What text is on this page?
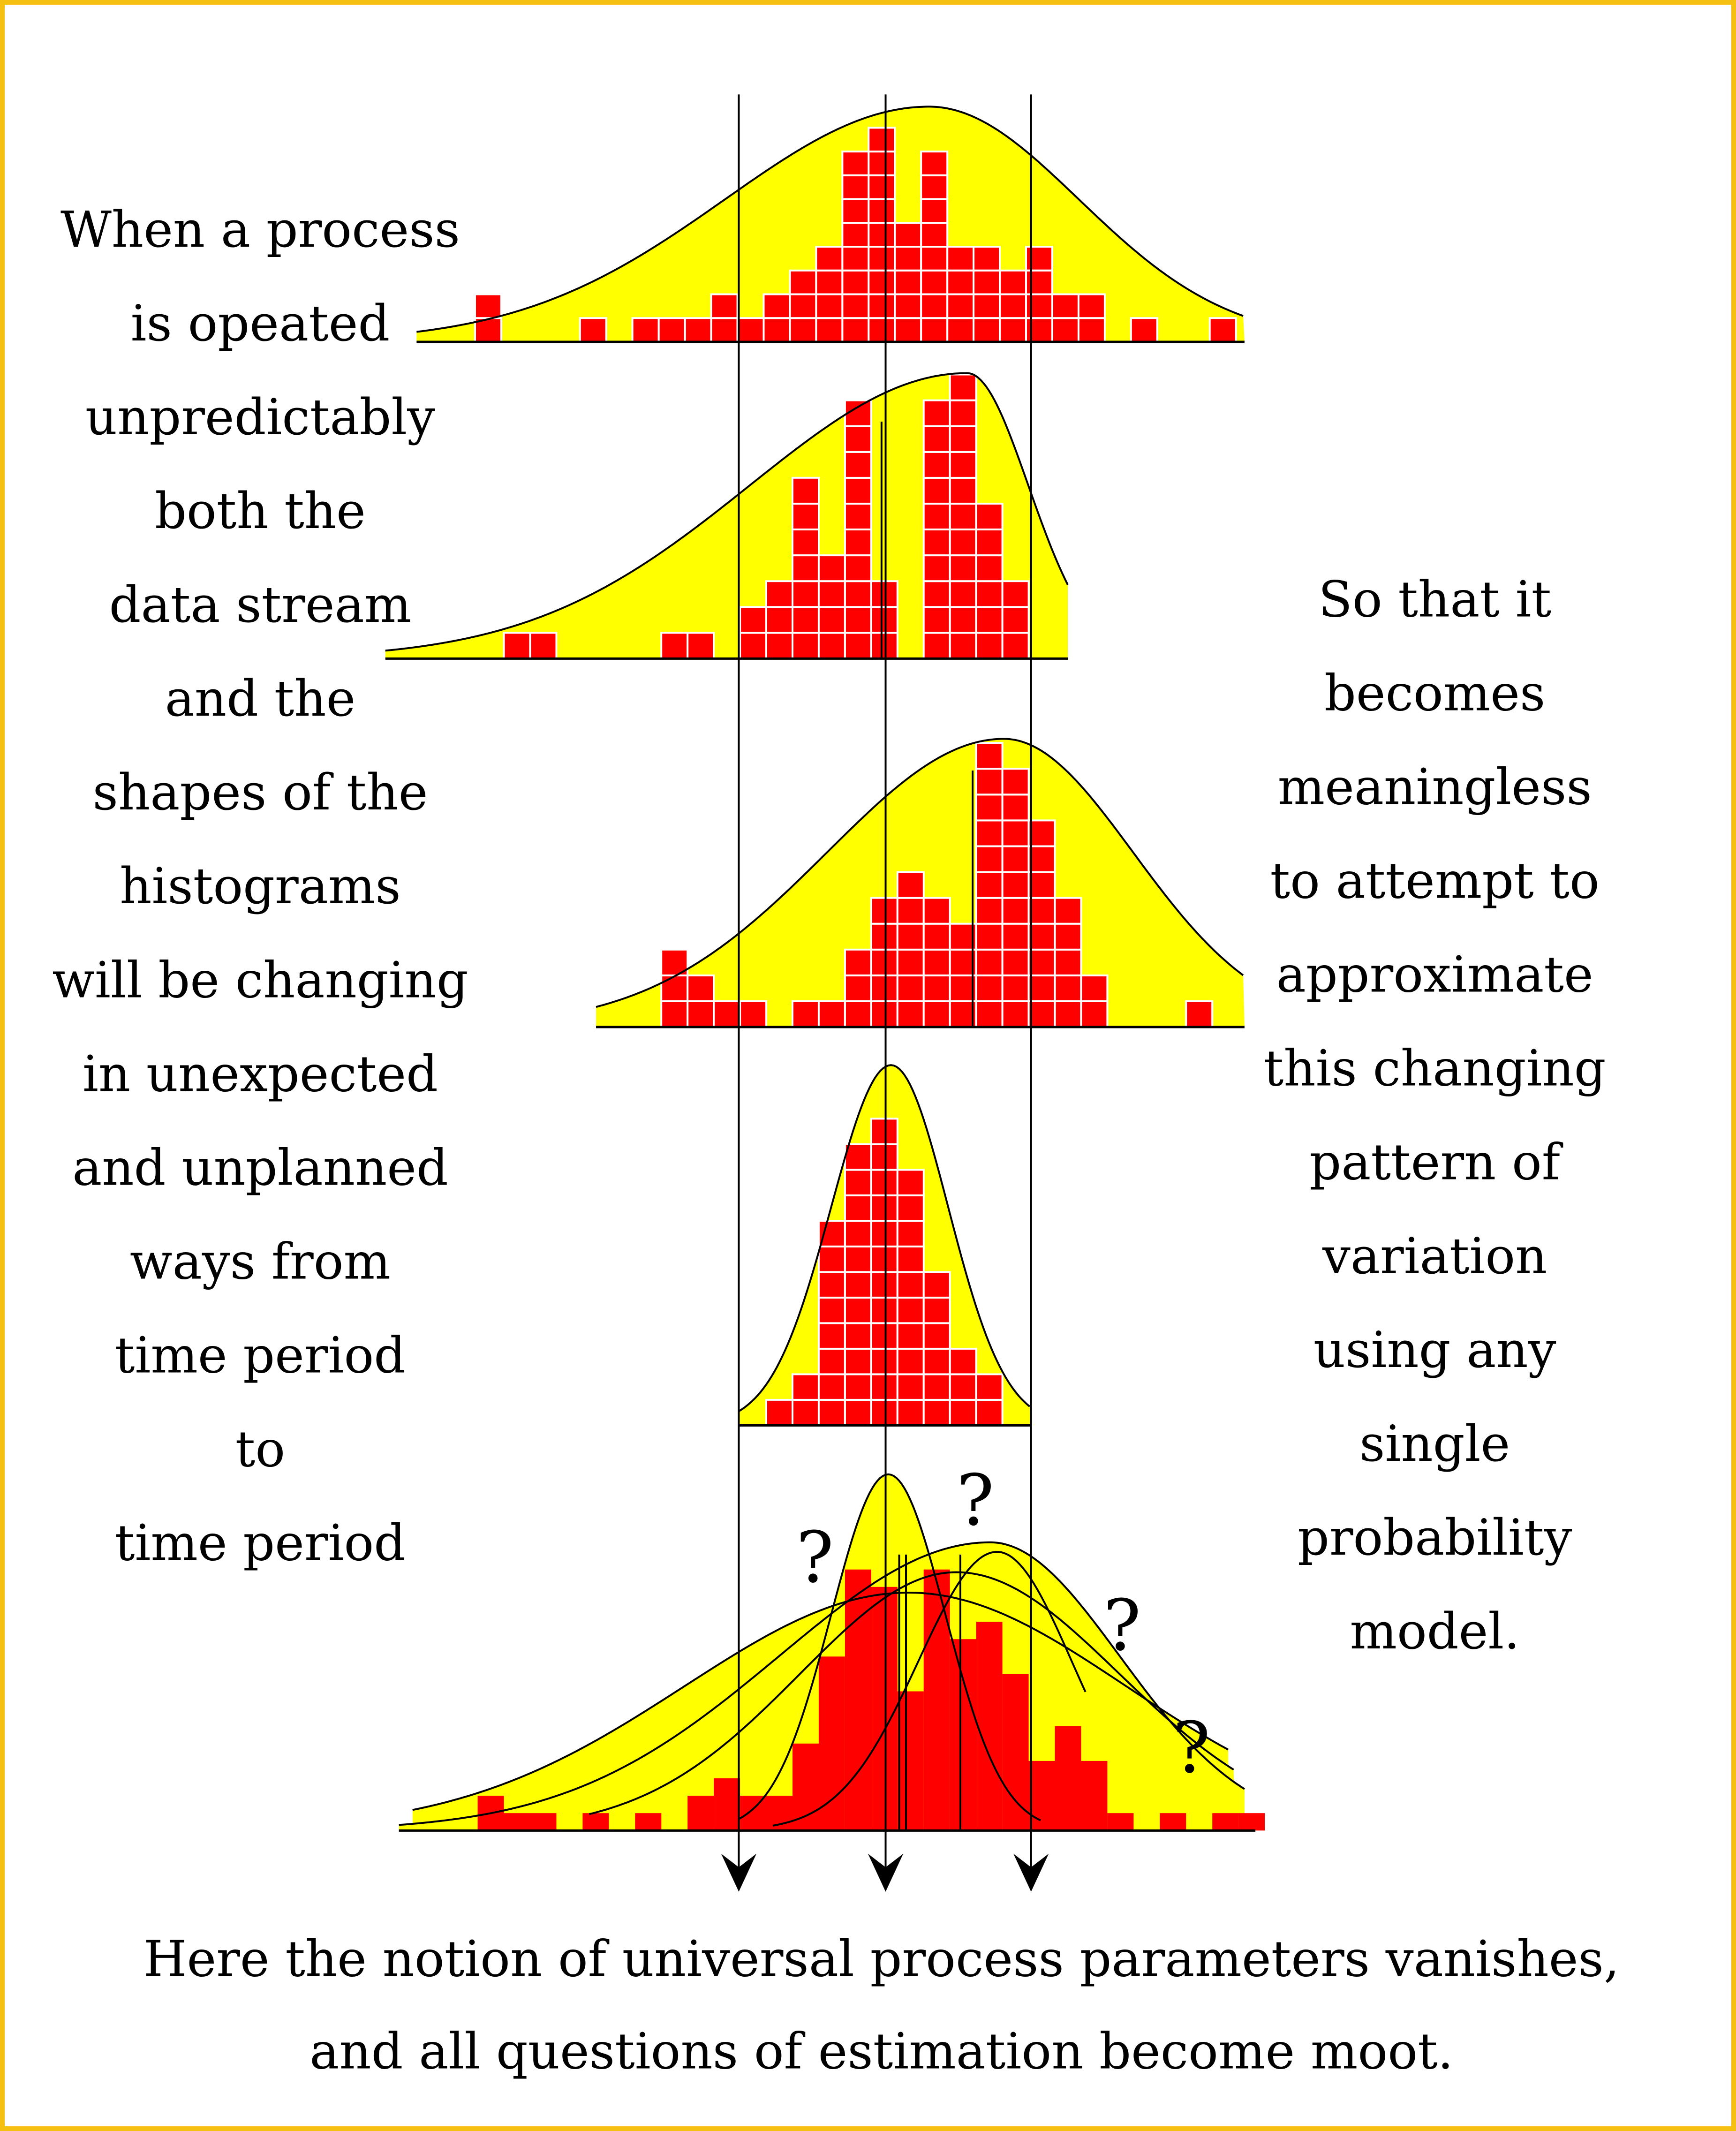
When a process
is opeated
unpredictably
both the
data stream
and the
shapes of the
histograms
will be changing
in unexpected
and unplanned
ways from
time period
to
time period
So that it
becomes
meaningless
to attempt to
approximate
this changing
pattern of
variation
using any
single
probability
model.
Here the notion of universal process parameters vanishes,
and all questions of estimation become moot.
?
?
?
?
